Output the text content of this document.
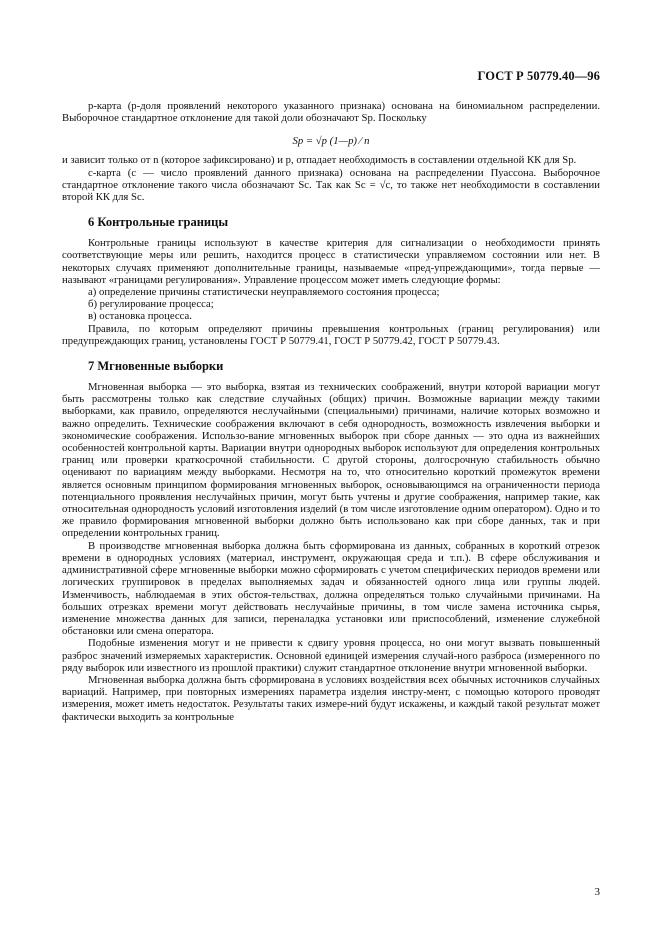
ГОСТ Р 50779.40—96

p-карта (p-доля проявлений некоторого указанного признака) основана на биномиальном распределении. Выборочное стандартное отклонение для такой доли обозначают Sp. Поскольку

Sp = √p (1—p) ⁄ n

и зависит только от n (которое зафиксировано) и p, отпадает необходимость в составлении отдельной КК для Sp.

с-карта (с — число проявлений данного признака) основана на распределении Пуассона. Выборочное стандартное отклонение такого числа обозначают Sc. Так как Sc = √c, то также нет необходимости в составлении второй КК для Sc.

6 Контрольные границы

Контрольные границы используют в качестве критерия для сигнализации о необходимости принять соответствующие меры или решить, находится процесс в статистически управляемом состоянии или нет. В некоторых случаях применяют дополнительные границы, называемые «пред-упреждающими», тогда первые — называют «границами регулирования». Управление процессом может иметь следующие формы:

а) определение причины статистически неуправляемого состояния процесса;

б) регулирование процесса;

в) остановка процесса.

Правила, по которым определяют причины превышения контрольных (границ регулирования) или предупреждающих границ, установлены ГОСТ Р 50779.41, ГОСТ Р 50779.42, ГОСТ Р 50779.43.

7 Мгновенные выборки

Мгновенная выборка — это выборка, взятая из технических соображений, внутри которой вариации могут быть рассмотрены только как следствие случайных (общих) причин. Возможные вариации между такими выборками, как правило, определяются неслучайными (специальными) причинами, наличие которых возможно и важно определить. Технические соображения включают в себя однородность, возможность извлечения выборки и экономические соображения. Использо-вание мгновенных выборок при сборе данных — это одна из важнейших особенностей контрольной карты. Вариации внутри однородных выборок используют для определения контрольных границ или проверки краткосрочной стабильности. С другой стороны, долгосрочную стабильность обычно оценивают по вариациям между выборками. Несмотря на то, что относительно короткий промежуток времени является основным принципом формирования мгновенных выборок, основывающимся на ограниченности периода потенциального проявления неслучайных причин, могут быть учтены и другие соображения, например такие, как относительная однородность условий изготовления изделий (в том числе изготовление одним оператором). Одно и то же правило формирования мгновенной выборки должно быть использовано как при сборе данных, так и при определении контрольных границ.

В производстве мгновенная выборка должна быть сформирована из данных, собранных в короткий отрезок времени в однородных условиях (материал, инструмент, окружающая среда и т.п.). В сфере обслуживания и административной сфере мгновенные выборки можно сформировать с учетом специфических периодов времени или логических группировок в пределах выполняемых задач и обязанностей одного лица или группы людей. Изменчивость, наблюдаемая в этих обстоя-тельствах, должна определяться только случайными причинами. На больших отрезках времени могут действовать неслучайные причины, в том числе замена источника сырья, изменение множества данных для записи, переналадка установки или приспособлений, изменение служебной обстановки или смена оператора.

Подобные изменения могут и не привести к сдвигу уровня процесса, но они могут вызвать повышенный разброс значений измеряемых характеристик. Основной единицей измерения случай-ного разброса (измеренного по ряду выборок или известного из прошлой практики) служит стандартное отклонение внутри мгновенной выборки.

Мгновенная выборка должна быть сформирована в условиях воздействия всех обычных источников случайных вариаций. Например, при повторных измерениях параметра изделия инстру-мент, с помощью которого проводят измерения, может иметь недостаток. Результаты таких измере-ний будут искажены, и каждый такой результат может фактически выходить за контрольные

3
